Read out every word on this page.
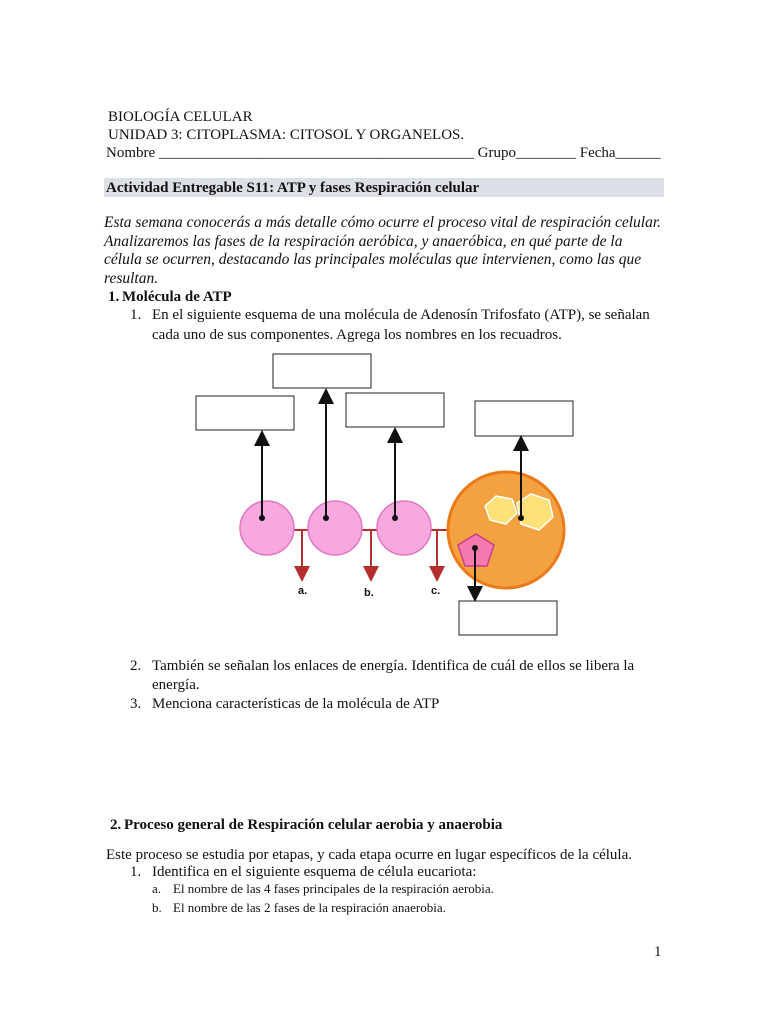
BIOLOGÍA CELULAR
UNIDAD 3: CITOPLASMA: CITOSOL Y ORGANELOS.
Nombre __________________________________________ Grupo________ Fecha______
Actividad Entregable S11: ATP y fases Respiración celular
Esta semana conocerás a más detalle cómo ocurre el proceso vital de respiración celular. Analizaremos las fases de la respiración aeróbica, y anaeróbica, en qué parte de la célula se ocurren, destacando las principales moléculas que intervienen, como las que resultan.
1. Molécula de ATP
1. En el siguiente esquema de una molécula de Adenosín Trifosfato (ATP), se señalan
cada uno de sus componentes. Agrega los nombres en los recuadros.
a.	b.	c.
2. También se señalan los enlaces de energía. Identifica de cuál de ellos se libera la
energía.
3. Menciona características de la molécula de ATP
2. Proceso general de Respiración celular aerobia y anaerobia
Este proceso se estudia por etapas, y cada etapa ocurre en lugar específicos de la célula.
1. Identifica en el siguiente esquema de célula eucariota:
a. El nombre de las 4 fases principales de la respiración aerobia.
b. El nombre de las 2 fases de la respiración anaerobia.
1
